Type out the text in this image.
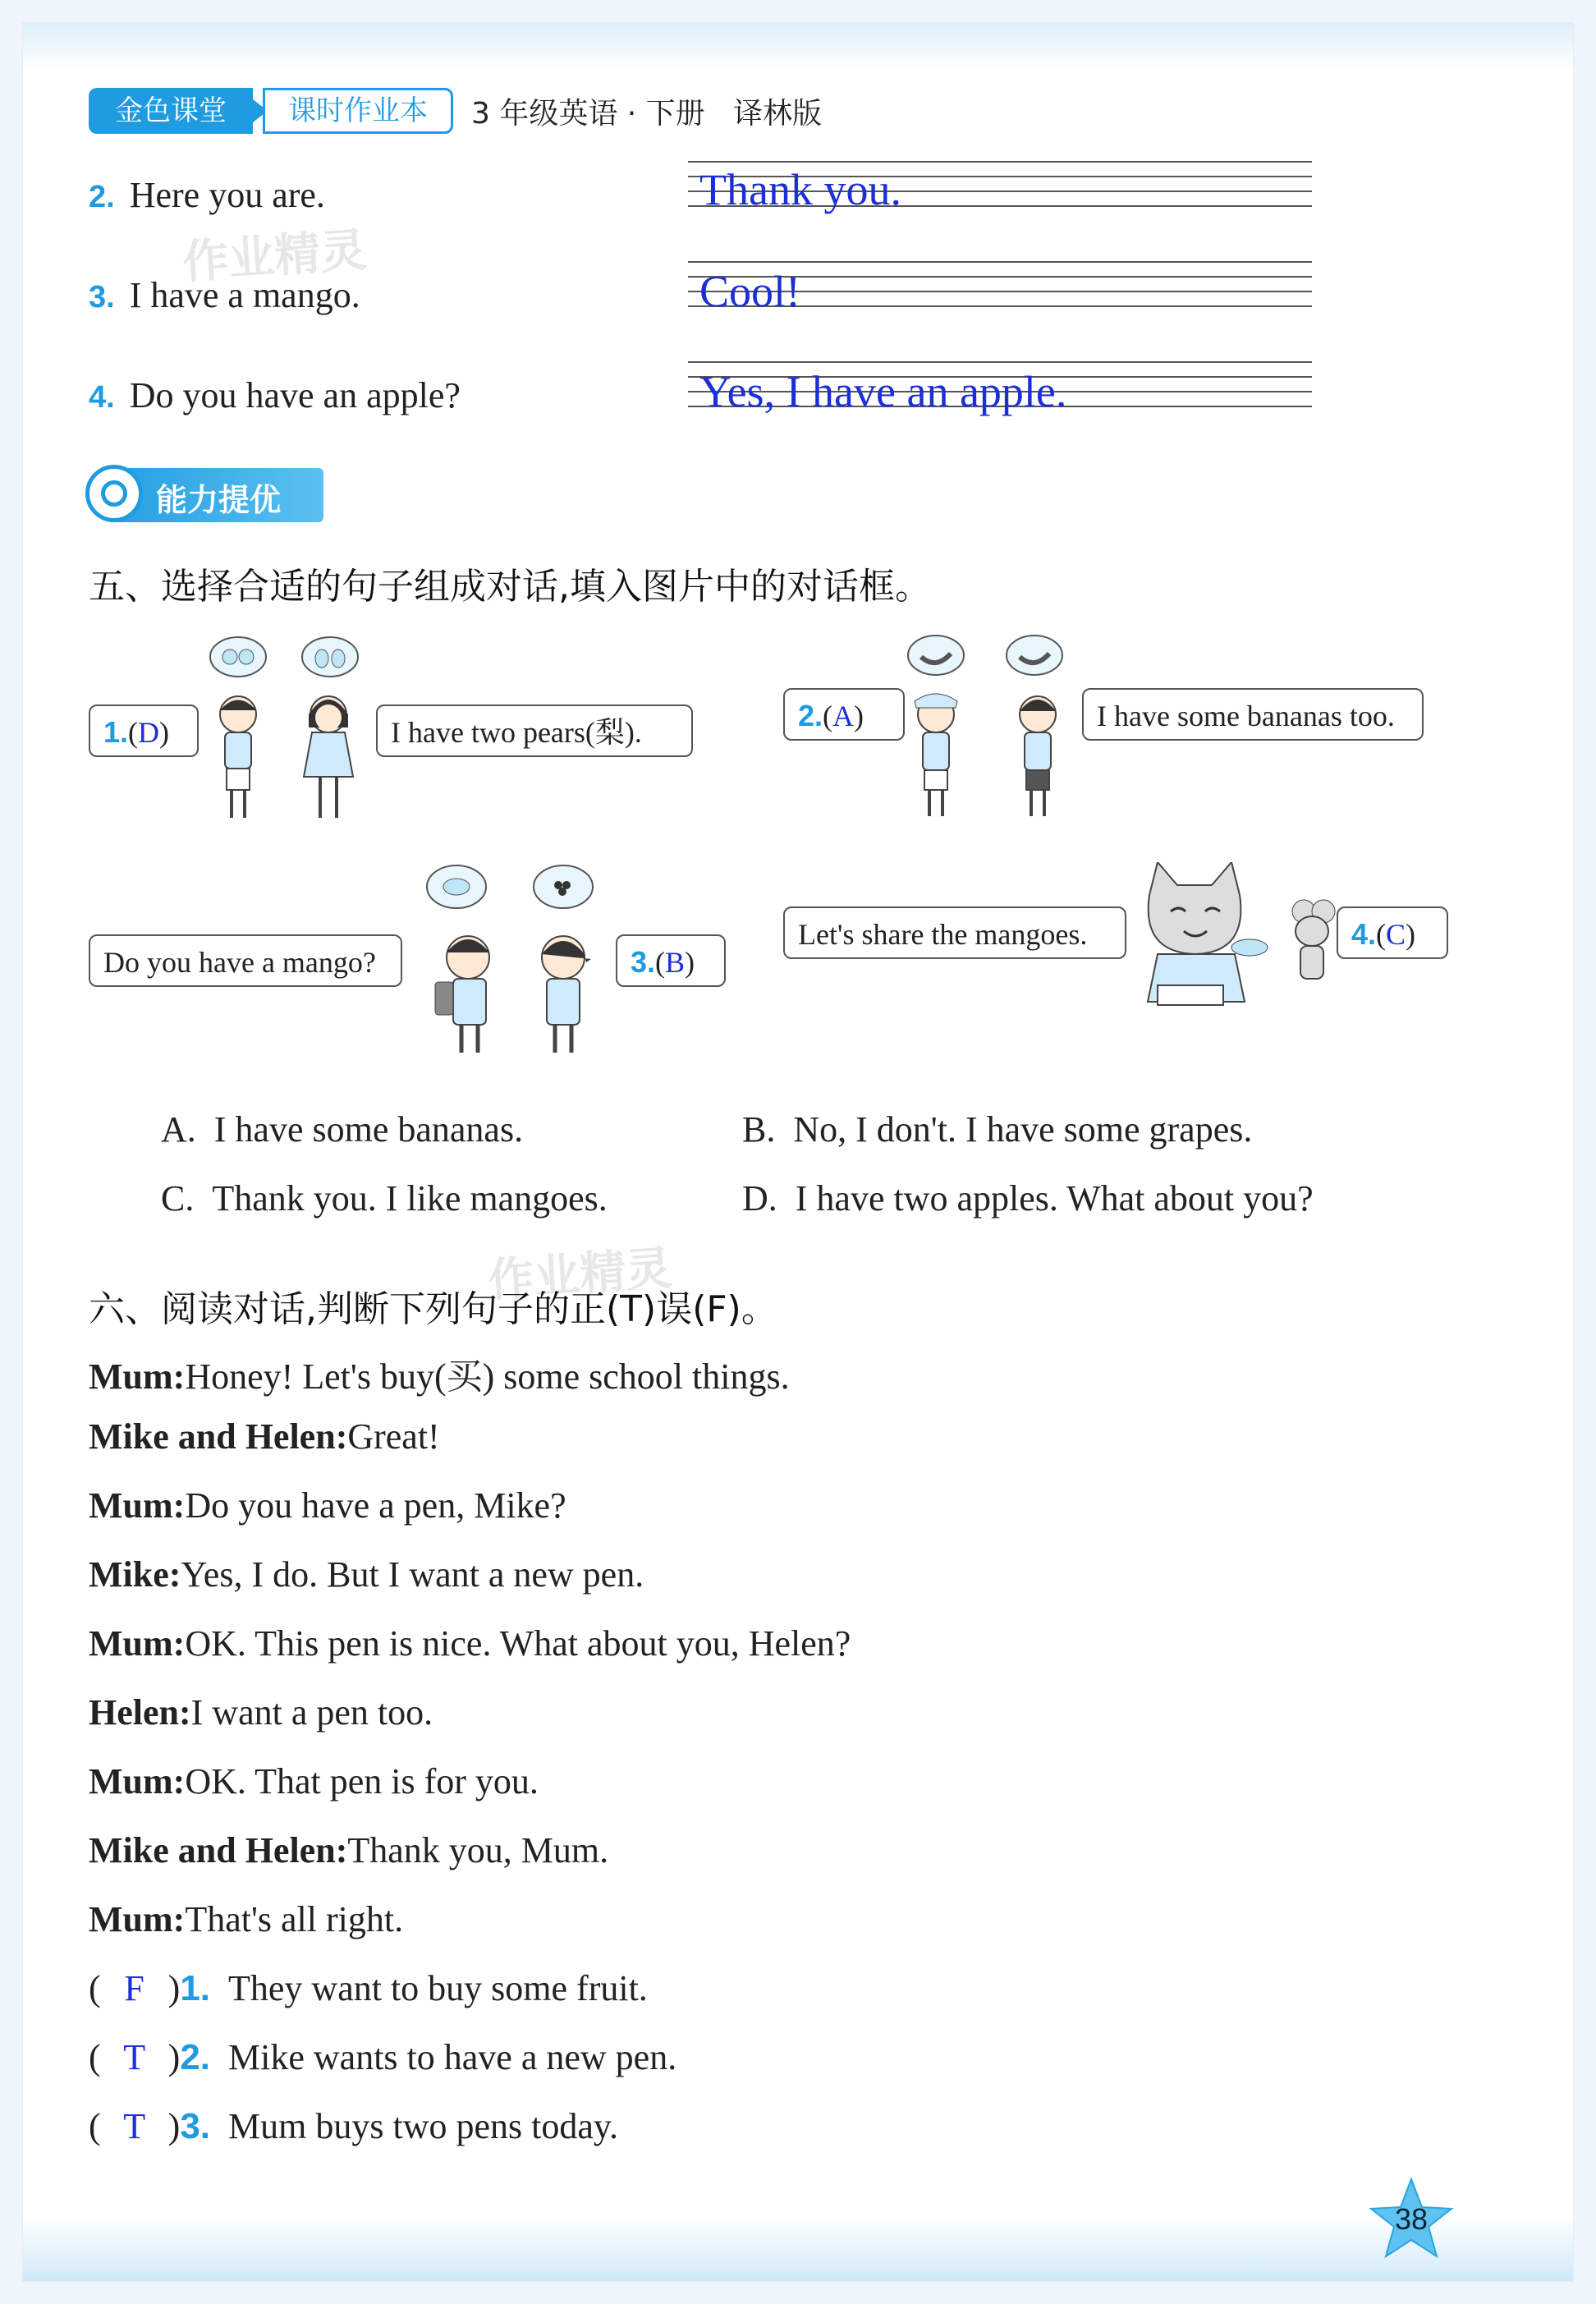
金色课堂	课时作业本	3 年级英语 · 下册   译林版
2. Here you are.	Thank you.
3. I have a mango.	Cool!
4. Do you have an apple?	Yes, I have an apple.
作业精灵
能力提优
五、选择合适的句子组成对话,填入图片中的对话框。
1.(D)	I have two pears(梨).	2.(A)	I have some bananas too.
Do you have a mango?	3.(B)
Let's share the mangoes.	4.(C)
A. I have some bananas.	B. No, I don't. I have some grapes.
C. Thank you. I like mangoes.	D. I have two apples. What about you?
作业精灵
六、阅读对话,判断下列句子的正(T)误(F)。
Mum:Honey! Let's buy(买) some school things.
Mike and Helen:Great!
Mum:Do you have a pen, Mike?
Mike:Yes, I do. But I want a new pen.
Mum:OK. This pen is nice. What about you, Helen?
Helen:I want a pen too.
Mum:OK. That pen is for you.
Mike and Helen:Thank you, Mum.
Mum:That's all right.
( F )1. They want to buy some fruit.
( T )2. Mike wants to have a new pen.
( T )3. Mum buys two pens today.
38
